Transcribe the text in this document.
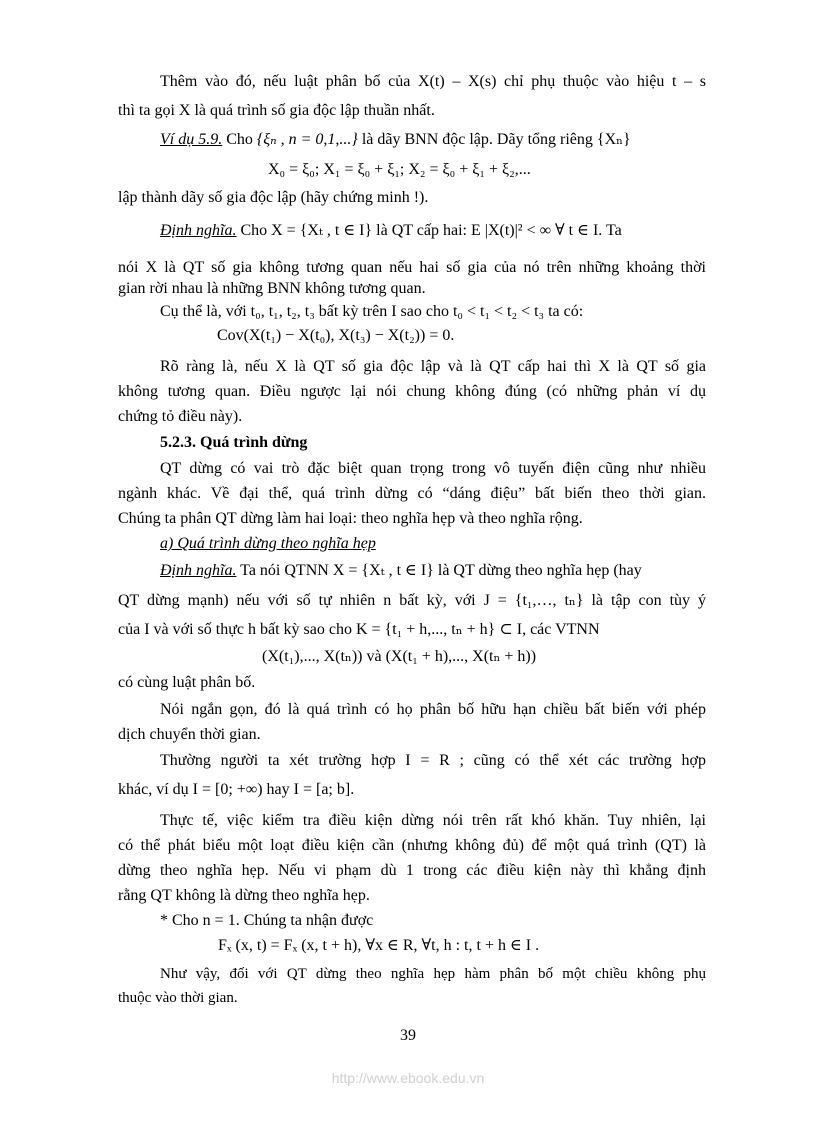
Thêm vào đó, nếu luật phân bố của X(t) – X(s) chỉ phụ thuộc vào hiệu t – s
thì ta gọi X là quá trình số gia độc lập thuần nhất.
Ví dụ 5.9. Cho {ξₙ , n = 0,1,...} là dãy BNN độc lập. Dãy tổng riêng {Xₙ}
X₀ = ξ₀; X₁ = ξ₀ + ξ₁; X₂ = ξ₀ + ξ₁ + ξ₂,...
lập thành dãy số gia độc lập (hãy chứng minh !).
Định nghĩa. Cho X = {Xₜ , t ∈ I} là QT cấp hai: E |X(t)|² < ∞ ∀ t ∈ I. Ta
nói X là QT số gia không tương quan nếu hai số gia của nó trên những khoảng thời
gian rời nhau là những BNN không tương quan.
Cụ thể là, với t₀, t₁, t₂, t₃ bất kỳ trên I sao cho t₀ < t₁ < t₂ < t₃ ta có:
Cov(X(t₁) − X(t₀), X(t₃) − X(t₂)) = 0.
Rõ ràng là, nếu X là QT số gia độc lập và là QT cấp hai thì X là QT số gia
không tương quan. Điều ngược lại nói chung không đúng (có những phản ví dụ
chứng tỏ điều này).
5.2.3. Quá trình dừng
QT dừng có vai trò đặc biệt quan trọng trong vô tuyến điện cũng như nhiều
ngành khác. Về đại thể, quá trình dừng có “dáng điệu” bất biến theo thời gian.
Chúng ta phân QT dừng làm hai loại: theo nghĩa hẹp và theo nghĩa rộng.
a) Quá trình dừng theo nghĩa hẹp
Định nghĩa. Ta nói QTNN X = {Xₜ , t ∈ I} là QT dừng theo nghĩa hẹp (hay
QT dừng mạnh) nếu với số tự nhiên n bất kỳ, với J = {t₁,…, tₙ} là tập con tùy ý
của I và với số thực h bất kỳ sao cho K = {t₁ + h,..., tₙ + h} ⊂ I, các VTNN
(X(t₁),..., X(tₙ)) và (X(t₁ + h),..., X(tₙ + h))
có cùng luật phân bố.
Nói ngắn gọn, đó là quá trình có họ phân bố hữu hạn chiều bất biến với phép
dịch chuyển thời gian.
Thường người ta xét trường hợp I = R ; cũng có thể xét các trường hợp
khác, ví dụ I = [0; +∞) hay I = [a; b].
Thực tế, việc kiểm tra điều kiện dừng nói trên rất khó khăn. Tuy nhiên, lại
có thể phát biểu một loạt điều kiện cần (nhưng không đủ) để một quá trình (QT) là
dừng theo nghĩa hẹp. Nếu vi phạm dù 1 trong các điều kiện này thì khẳng định
rằng QT không là dừng theo nghĩa hẹp.
* Cho n = 1. Chúng ta nhận được
Fₓ (x, t) = Fₓ (x, t + h), ∀x ∈ R, ∀t, h : t, t + h ∈ I .
Như vậy, đối với QT dừng theo nghĩa hẹp hàm phân bố một chiều không phụ
thuộc vào thời gian.
39
http://www.ebook.edu.vn
